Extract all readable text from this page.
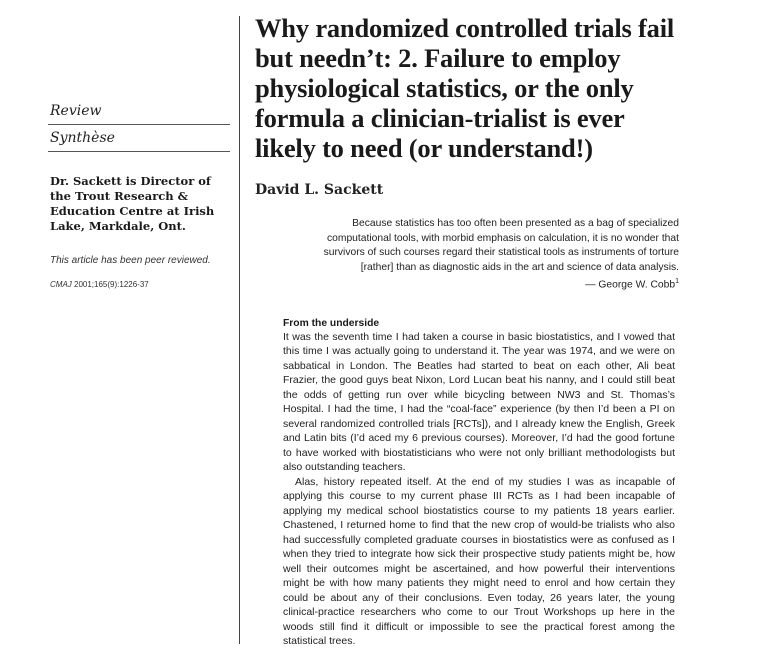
Review
Synthèse
Dr. Sackett is Director of the Trout Research & Education Centre at Irish Lake, Markdale, Ont.
This article has been peer reviewed.
CMAJ 2001;165(9):1226-37
Why randomized controlled trials fail but needn’t: 2. Failure to employ physiological statistics, or the only formula a clinician-trialist is ever likely to need (or understand!)
David L. Sackett
Because statistics has too often been presented as a bag of specialized computational tools, with morbid emphasis on calculation, it is no wonder that survivors of such courses regard their statistical tools as instruments of torture [rather] than as diagnostic aids in the art and science of data analysis.
— George W. Cobb$^1$
From the underside

It was the seventh time I had taken a course in basic biostatistics, and I vowed that this time I was actually going to understand it. The year was 1974, and we were on sabbatical in London. The Beatles had started to beat on each other, Ali beat Frazier, the good guys beat Nixon, Lord Lucan beat his nanny, and I could still beat the odds of getting run over while bicycling between NW3 and St. Thomas’s Hospital. I had the time, I had the “coal-face” experience (by then I’d been a PI on several randomized controlled trials [RCTs]), and I already knew the English, Greek and Latin bits (I’d aced my 6 previous courses). Moreover, I’d had the good fortune to have worked with biostatisticians who were not only brilliant methodologists but also outstanding teachers.

Alas, history repeated itself. At the end of my studies I was as incapable of applying this course to my current phase III RCTs as I had been incapable of applying my medical school biostatistics course to my patients 18 years earlier. Chastened, I returned home to find that the new crop of would-be trialists who also had successfully completed graduate courses in biostatistics were as confused as I when they tried to integrate how sick their prospective study patients might be, how well their outcomes might be ascertained, and how powerful their interventions might be with how many patients they might need to enrol and how certain they could be about any of their conclusions. Even today, 26 years later, the young clinical-practice researchers who come to our Trout Workshops up here in the woods still find it difficult or impossible to see the practical forest among the statistical trees.
